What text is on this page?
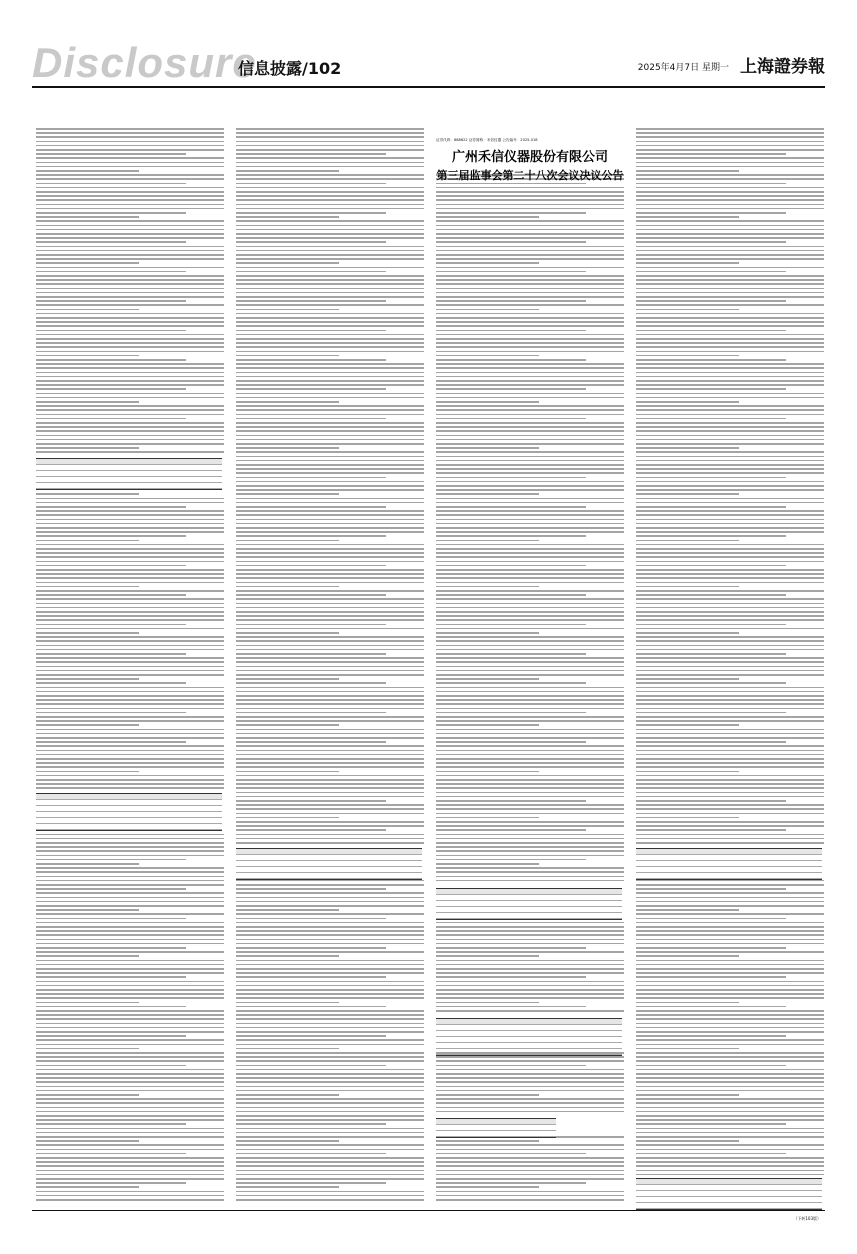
Disclosure
信息披露/102	2025年4月7日 星期一 上海證券報
证券代码：688622 证券简称：禾信仪器 公告编号：2025-018
广州禾信仪器股份有限公司
第三届监事会第二十八次会议决议公告
（下转103版）
